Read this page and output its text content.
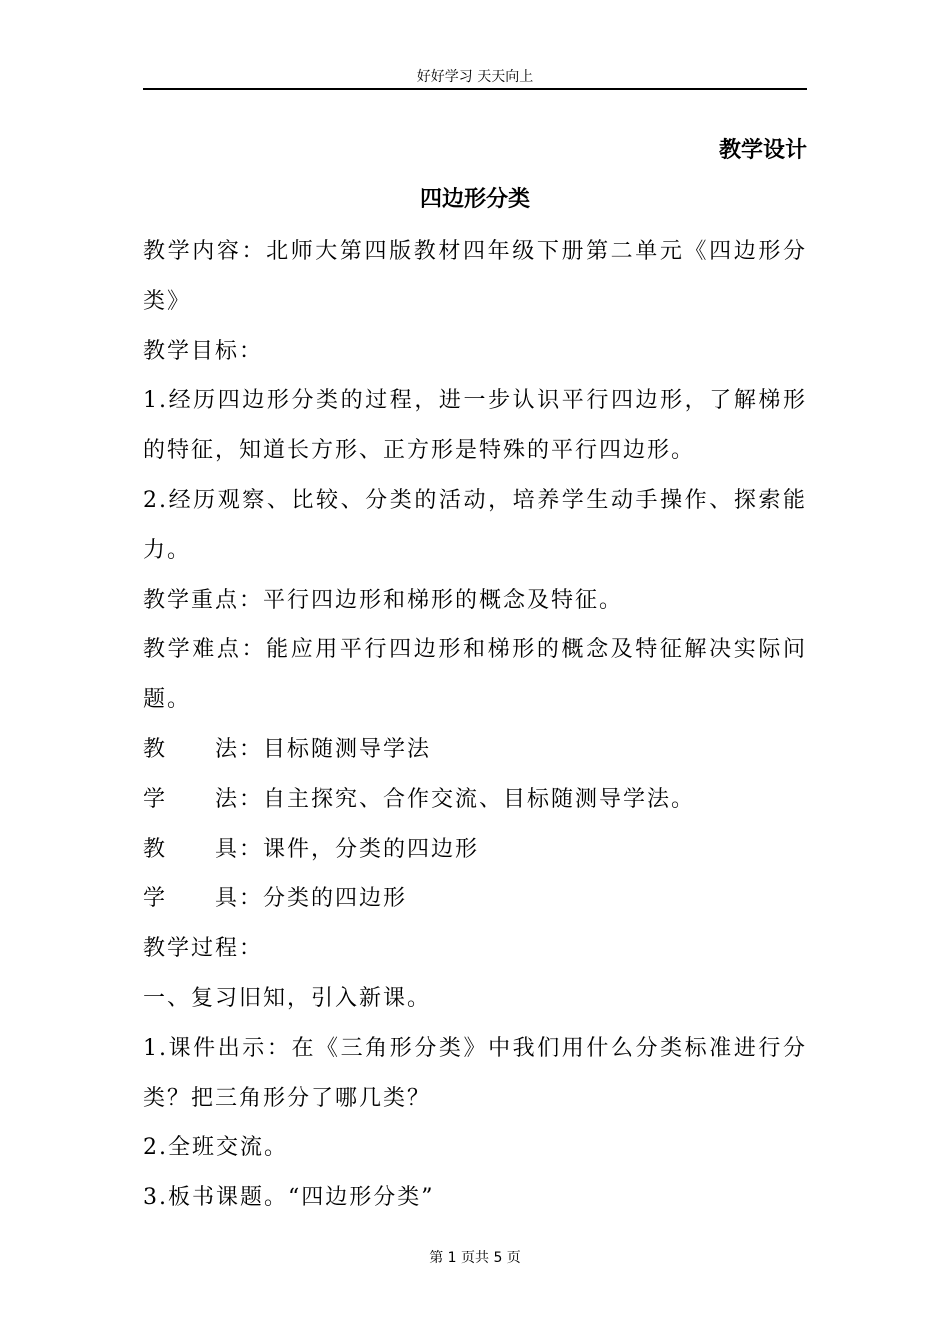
好好学习 天天向上
教学设计
四边形分类

教学内容：北师大第四版教材四年级下册第二单元《四边形分类》

教学目标：

1.经历四边形分类的过程，进一步认识平行四边形，了解梯形的特征，知道长方形、正方形是特殊的平行四边形。

2.经历观察、比较、分类的活动，培养学生动手操作、探索能力。

教学重点：平行四边形和梯形的概念及特征。

教学难点：能应用平行四边形和梯形的概念及特征解决实际问题。

教　　法：目标随测导学法

学　　法：自主探究、合作交流、目标随测导学法。

教　　具：课件，分类的四边形

学　　具：分类的四边形

教学过程：

一、复习旧知，引入新课。

1.课件出示：在《三角形分类》中我们用什么分类标准进行分类？把三角形分了哪几类？

2.全班交流。

3.板书课题。“四边形分类”

第 1 页共 5 页
